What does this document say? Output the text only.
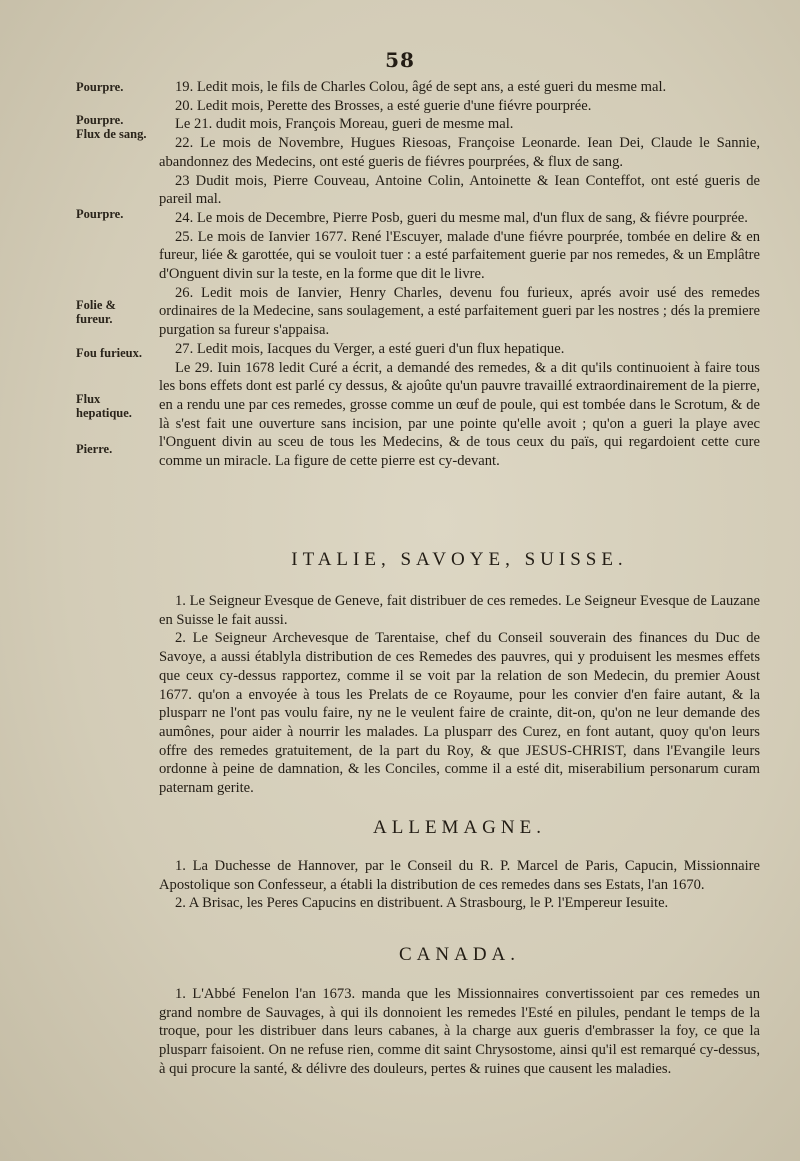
58
Pourpre.
Pourpre.
Flux de sang.
Pourpre.
Folie & fureur.
Fou furieux.
Flux hepatique.
Pierre.

19. Ledit mois, le fils de Charles Colou, âgé de sept ans, a esté gueri du mesme mal.

20. Ledit mois, Perette des Brosses, a esté guerie d'une fiévre pourprée.

Le 21. dudit mois, François Moreau, gueri de mesme mal.

22. Le mois de Novembre, Hugues Riesoas, Françoise Leonarde. Iean Dei, Claude le Sannie, abandonnez des Medecins, ont esté gueris de fiévres pourprées, & flux de sang.

23 Dudit mois, Pierre Couveau, Antoine Colin, Antoinette & Iean Conteffot, ont esté gueris de pareil mal.

24. Le mois de Decembre, Pierre Posb, gueri du mesme mal, d'un flux de sang, & fiévre pourprée.

25. Le mois de Ianvier 1677. René l'Escuyer, malade d'une fiévre pourprée, tombée en delire & en fureur, liée & garottée, qui se vouloit tuer : a esté parfaitement guerie par nos remedes, & un Emplâtre d'Onguent divin sur la teste, en la forme que dit le livre.

26. Ledit mois de Ianvier, Henry Charles, devenu fou furieux, aprés avoir usé des remedes ordinaires de la Medecine, sans soulagement, a esté parfaitement gueri par les nostres ; dés la premiere purgation sa fureur s'appaisa.

27. Ledit mois, Iacques du Verger, a esté gueri d'un flux hepatique.

Le 29. Iuin 1678 ledit Curé a écrit, a demandé des remedes, & a dit qu'ils continuoient à faire tous les bons effets dont est parlé cy dessus, & ajoûte qu'un pauvre travaillé extraordinairement de la pierre, en a rendu une par ces remedes, grosse comme un œuf de poule, qui est tombée dans le Scrotum, & de là s'est fait une ouverture sans incision, par une pointe qu'elle avoit ; qu'on a gueri la playe avec l'Onguent divin au sceu de tous les Medecins, & de tous ceux du païs, qui regardoient cette cure comme un miracle. La figure de cette pierre est cy-devant.

ITALIE, SAVOYE, SUISSE.

1. Le Seigneur Evesque de Geneve, fait distribuer de ces remedes. Le Seigneur Evesque de Lauzane en Suisse le fait aussi.

2. Le Seigneur Archevesque de Tarentaise, chef du Conseil souverain des finances du Duc de Savoye, a aussi établyla distribution de ces Remedes des pauvres, qui y produisent les mesmes effets que ceux cy-dessus rapportez, comme il se voit par la relation de son Medecin, du premier Aoust 1677. qu'on a envoyée à tous les Prelats de ce Royaume, pour les convier d'en faire autant, & la plusparr ne l'ont pas voulu faire, ny ne le veulent faire de crainte, dit-on, qu'on ne leur demande des aumônes, pour aider à nourrir les malades. La plusparr des Curez, en font autant, quoy qu'on leurs offre des remedes gratuitement, de la part du Roy, & que JESUS-CHRIST, dans l'Evangile leurs ordonne à peine de damnation, & les Conciles, comme il a esté dit, miserabilium personarum curam paternam gerite.

ALLEMAGNE.

1. La Duchesse de Hannover, par le Conseil du R. P. Marcel de Paris, Capucin, Missionnaire Apostolique son Confesseur, a établi la distribution de ces remedes dans ses Estats, l'an 1670.

2. A Brisac, les Peres Capucins en distribuent. A Strasbourg, le P. l'Empereur Iesuite.

CANADA.

1. L'Abbé Fenelon l'an 1673. manda que les Missionnaires convertissoient par ces remedes un grand nombre de Sauvages, à qui ils donnoient les remedes l'Esté en pilules, pendant le temps de la troque, pour les distribuer dans leurs cabanes, à la charge aux gueris d'embrasser la foy, ce que la plusparr faisoient. On ne refuse rien, comme dit saint Chrysostome, ainsi qu'il est remarqué cy-dessus, à qui procure la santé, & délivre des douleurs, pertes & ruines que causent les maladies.
